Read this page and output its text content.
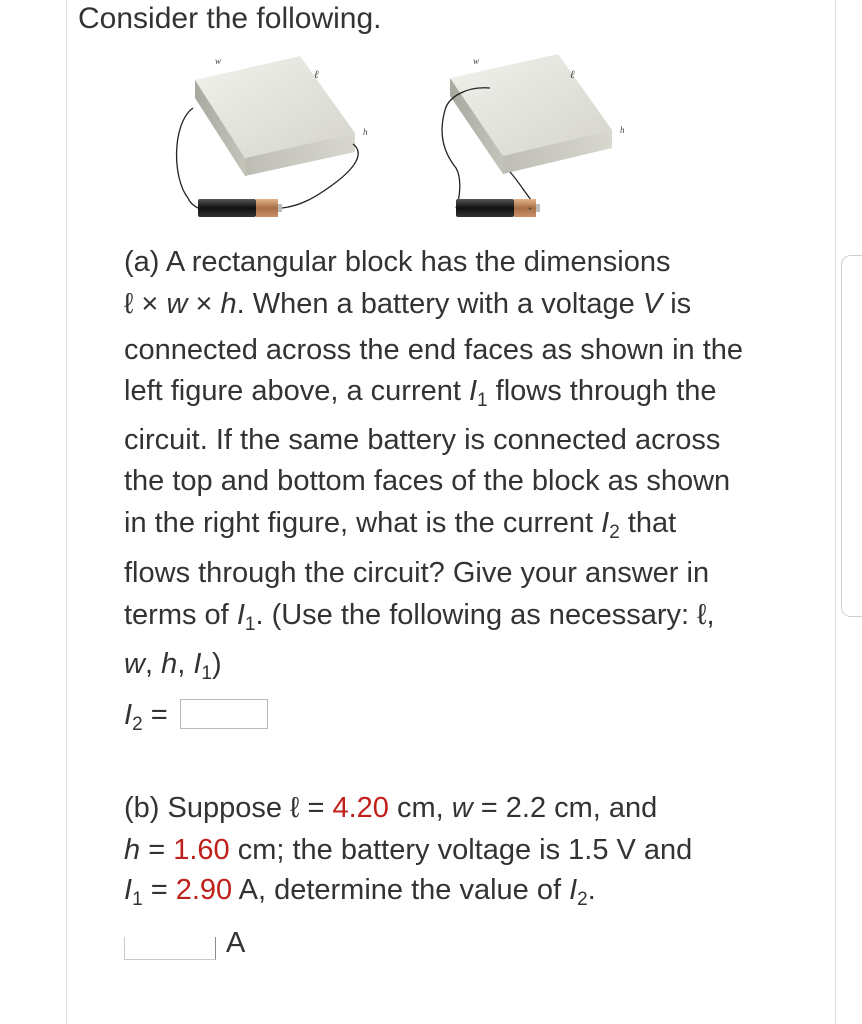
Consider the following.
w
ℓ
h
w
ℓ
h
+
(a) A rectangular block has the dimensions
ℓ × w × h. When a battery with a voltage V is
connected across the end faces as shown in the
left figure above, a current $I_1$ flows through the
circuit. If the same battery is connected across
the top and bottom faces of the block as shown
in the right figure, what is the current $I_2$ that
flows through the circuit? Give your answer in
terms of $I_1$. (Use the following as necessary: ℓ,
w, h, $I_1$)
$I_2$ =
(b) Suppose ℓ = 4.20 cm, w = 2.2 cm, and
h = 1.60 cm; the battery voltage is 1.5 V and
$I_1 = 2.90$ A, determine the value of $I_2$.
A
